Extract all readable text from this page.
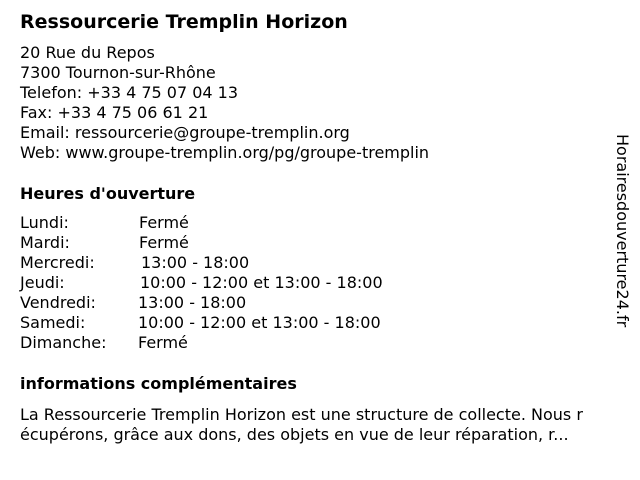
Ressourcerie Tremplin Horizon
20 Rue du Repos
7300 Tournon-sur-Rhône
Telefon: +33 4 75 07 04 13
Fax: +33 4 75 06 61 21
Email: ressourcerie@groupe-tremplin.org
Web: www.groupe-tremplin.org/pg/groupe-tremplin
Heures d'ouverture
Lundi:	Fermé
Mardi:	Fermé
Mercredi:	13:00 - 18:00
Jeudi:	10:00 - 12:00 et 13:00 - 18:00
Vendredi:	13:00 - 18:00
Samedi:	10:00 - 12:00 et 13:00 - 18:00
Dimanche: Fermé
informations complémentaires
La Ressourcerie Tremplin Horizon est une structure de collecte. Nous r
écupérons, grâce aux dons, des objets en vue de leur réparation, r...
Horairesdouverture24.fr
